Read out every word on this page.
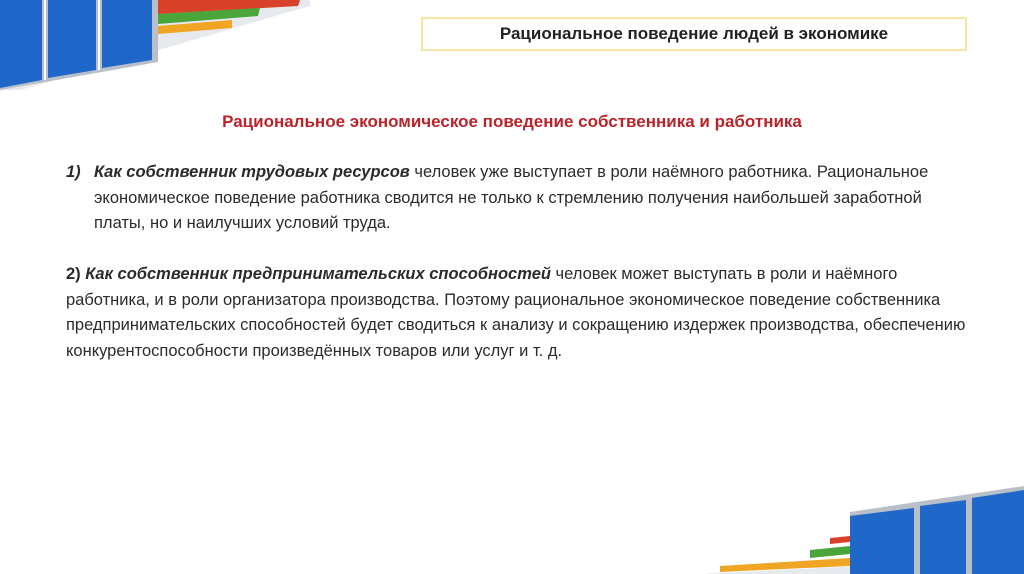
Рациональное поведение людей в экономике
Рациональное экономическое поведение собственника и работника
1) Как собственник трудовых ресурсов человек уже выступает в роли наёмного работника. Рациональное экономическое поведение работника сводится не только к стремлению получения наибольшей заработной платы, но и наилучших условий труда.
2) Как собственник предпринимательских способностей человек может выступать в роли и наёмного работника, и в роли организатора производства. Поэтому рациональное экономическое поведение собственника предпринимательских способностей будет сводиться к анализу и сокращению издержек производства, обеспечению конкурентоспособности произведённых товаров или услуг и т. д.
